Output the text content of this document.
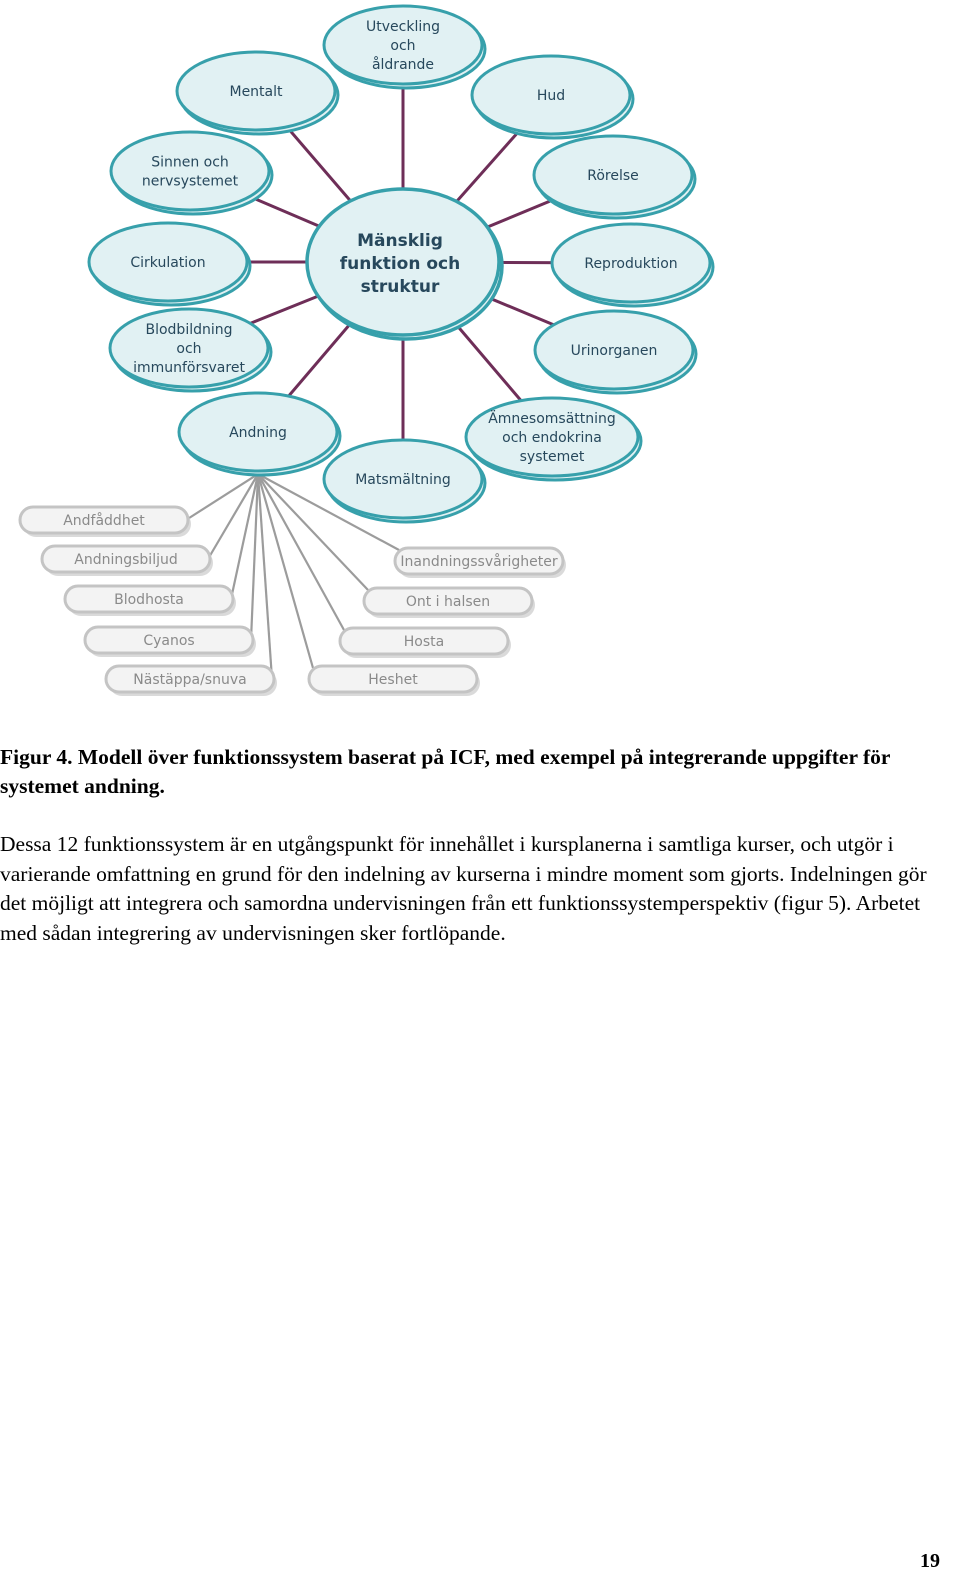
Utveckling
och
åldrande
Hud
Rörelse
Reproduktion
Urinorganen
Ämnesomsättning
och endokrina
systemet
Matsmältning
Andning
Blodbildning
och
immunförsvaret
Cirkulation
Sinnen och
nervsystemet
Mentalt
Mänsklig
funktion och
struktur
Andfåddhet
Andningsbiljud
Blodhosta
Cyanos
Nästäppa/snuva
Inandningssvårigheter
Ont i halsen
Hosta
Heshet
Figur 4. Modell över funktionssystem baserat på ICF, med exempel på integrerande uppgifter för systemet andning.
Dessa 12 funktionssystem är en utgångspunkt för innehållet i kursplanerna i samtliga kurser, och utgör i varierande omfattning en grund för den indelning av kurserna i mindre moment som gjorts. Indelningen gör det möjligt att integrera och samordna undervisningen från ett funktionssystemperspektiv (figur 5). Arbetet med sådan integrering av undervisningen sker fortlöpande.
19
